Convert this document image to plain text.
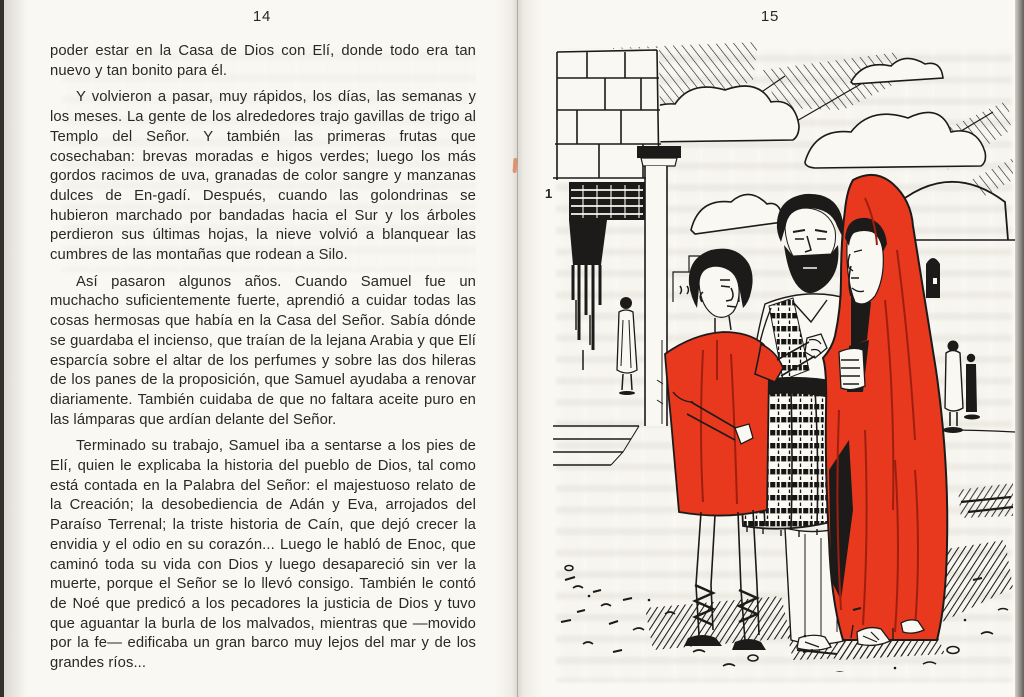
14

poder estar en la Casa de Dios con Elí, donde todo era tan nuevo y tan bonito para él.

Y volvieron a pasar, muy rápidos, los días, las semanas y los meses. La gente de los alrededores trajo gavillas de trigo al Templo del Señor. Y también las primeras frutas que cosechaban: brevas moradas e higos verdes; luego los más gordos racimos de uva, granadas de color sangre y manzanas dulces de En-gadí. Después, cuando las golondrinas se hubieron marchado por bandadas hacia el Sur y los árboles perdieron sus últimas hojas, la nieve volvió a blanquear las cumbres de las montañas que rodean a Silo.

Así pasaron algunos años. Cuando Samuel fue un muchacho suficientemente fuerte, aprendió a cuidar todas las cosas hermosas que había en la Casa del Señor. Sabía dónde se guardaba el incienso, que traían de la lejana Arabia y que Elí esparcía sobre el altar de los perfumes y sobre las dos hileras de los panes de la proposición, que Samuel ayudaba a renovar diariamente. También cuidaba de que no faltara aceite puro en las lámparas que ardían delante del Señor.

Terminado su trabajo, Samuel iba a sentarse a los pies de Elí, quien le explicaba la historia del pueblo de Dios, tal como está contada en la Palabra del Señor: el majestuoso relato de la Creación; la desobediencia de Adán y Eva, arrojados del Paraíso Terrenal; la triste historia de Caín, que dejó crecer la envidia y el odio en su corazón... Luego le habló de Enoc, que caminó toda su vida con Dios y luego desapareció sin ver la muerte, porque el Señor se lo llevó consigo. También le contó de Noé que predicó a los pecadores la justicia de Dios y tuvo que aguantar la burla de los malvados, mientras que —movido por la fe— edificaba un gran barco muy lejos del mar y de los grandes ríos...

15
1
